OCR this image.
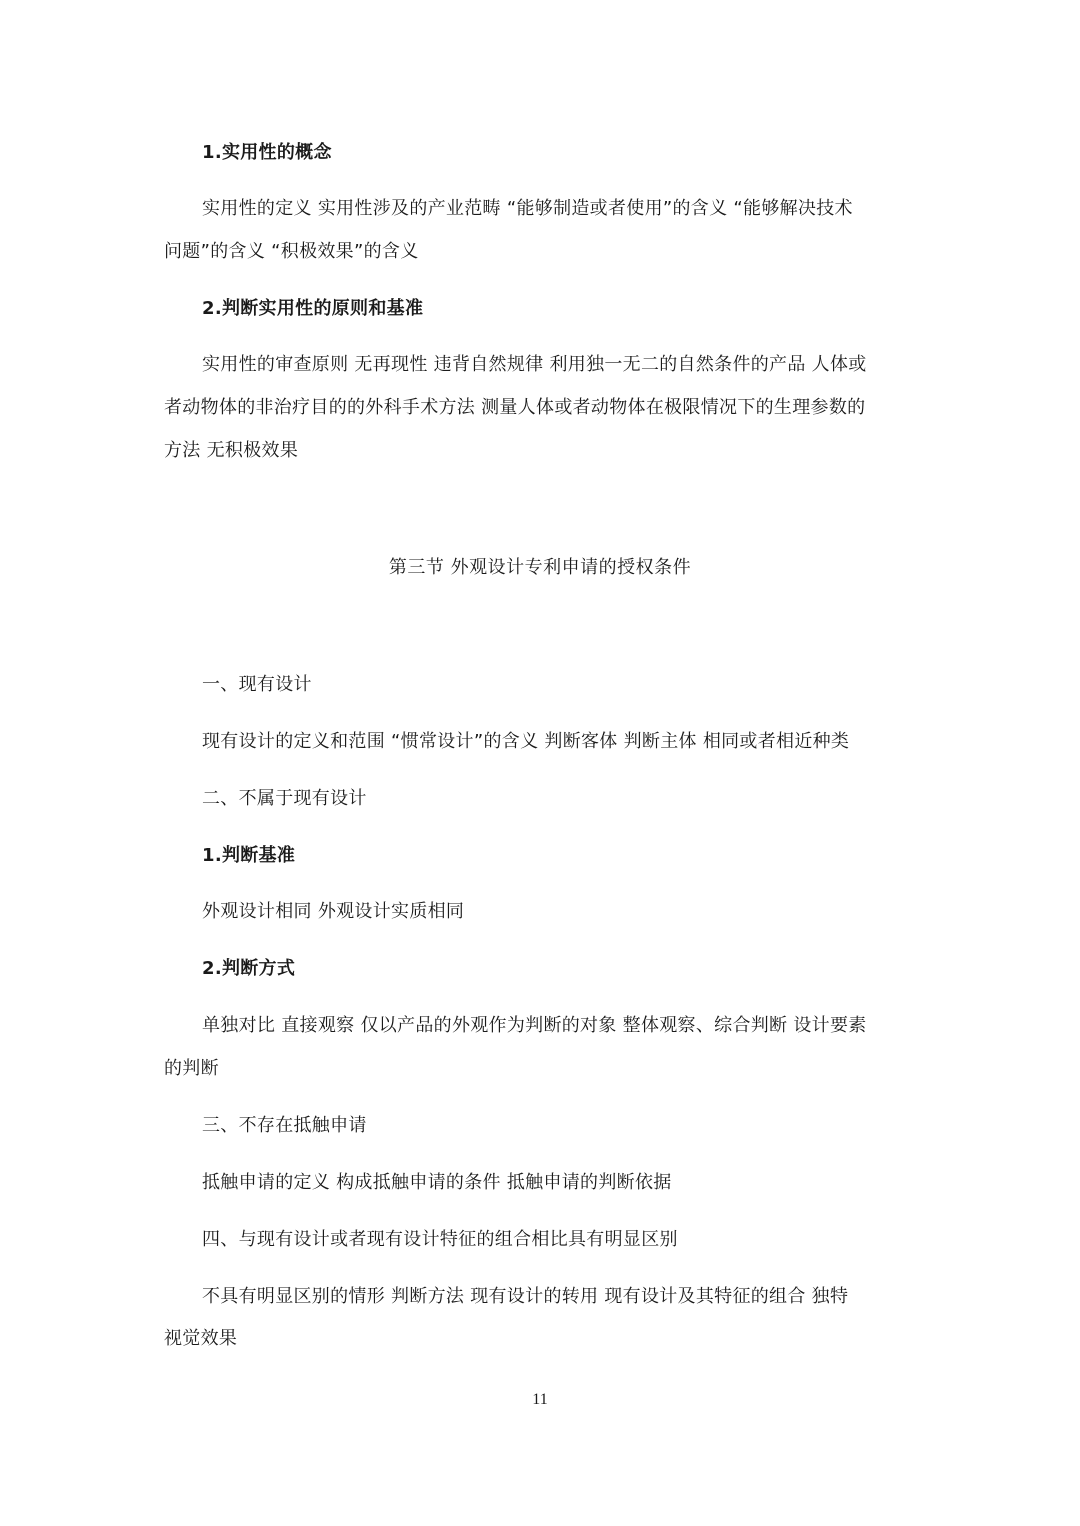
1.实用性的概念
实用性的定义 实用性涉及的产业范畴 “能够制造或者使用”的含义 “能够解决技术
问题”的含义 “积极效果”的含义
2.判断实用性的原则和基准
实用性的审查原则 无再现性 违背自然规律 利用独一无二的自然条件的产品 人体或
者动物体的非治疗目的的外科手术方法 测量人体或者动物体在极限情况下的生理参数的
方法 无积极效果
第三节 外观设计专利申请的授权条件
一、现有设计
现有设计的定义和范围 “惯常设计”的含义 判断客体 判断主体 相同或者相近种类
二、不属于现有设计
1.判断基准
外观设计相同 外观设计实质相同
2.判断方式
单独对比 直接观察 仅以产品的外观作为判断的对象 整体观察、综合判断 设计要素
的判断
三、不存在抵触申请
抵触申请的定义 构成抵触申请的条件 抵触申请的判断依据
四、与现有设计或者现有设计特征的组合相比具有明显区别
不具有明显区别的情形 判断方法 现有设计的转用 现有设计及其特征的组合 独特
视觉效果
11
